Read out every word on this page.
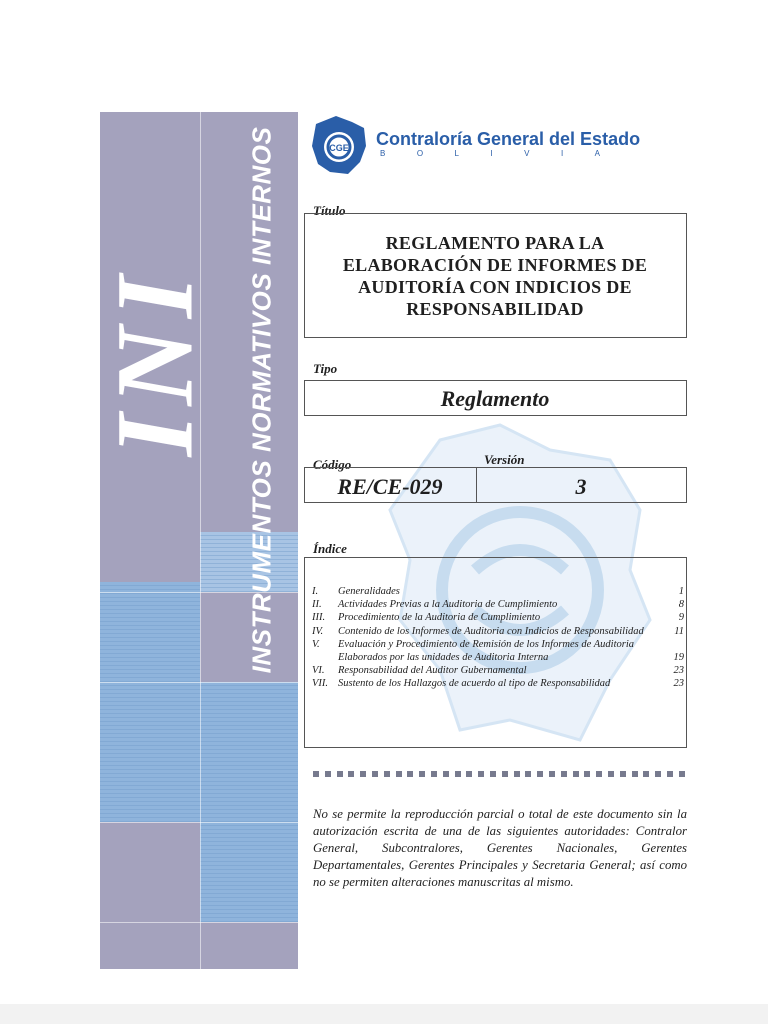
INI INSTRUMENTOS NORMATIVOS INTERNOS	CGE Contraloría General del Estado
B	O	L	I	V	I	A
Título
REGLAMENTO PARA LA
ELABORACIÓN DE INFORMES DE
AUDITORÍA CON INDICIOS DE
RESPONSABILIDAD
Tipo
Reglamento
Código	Versión
RE/CE-029	3
Índice
I.	Generalidades	1
II.	Actividades Previas a la Auditoria de Cumplimiento	8
III.	Procedimiento de la Auditoria de Cumplimiento	9
IV.	Contenido de los Informes de Auditoria con Indicios de Responsabilidad	11
V.	Evaluación y Procedimiento de Remisión de los Informes de Auditoria Elaborados por las unidades de Auditoria Interna	19
VI.	Responsabilidad del Auditor Gubernamental	23
VII. Sustento de los Hallazgos de acuerdo al tipo de Responsabilidad	23
No se permite la reproducción parcial o total de este documento sin la autorización escrita de una de las siguientes autoridades: Contralor General, Subcontralores, Gerentes Nacionales, Gerentes Departamentales, Gerentes Principales y Secretaria General; así como no se permiten alteraciones manuscritas al mismo.
